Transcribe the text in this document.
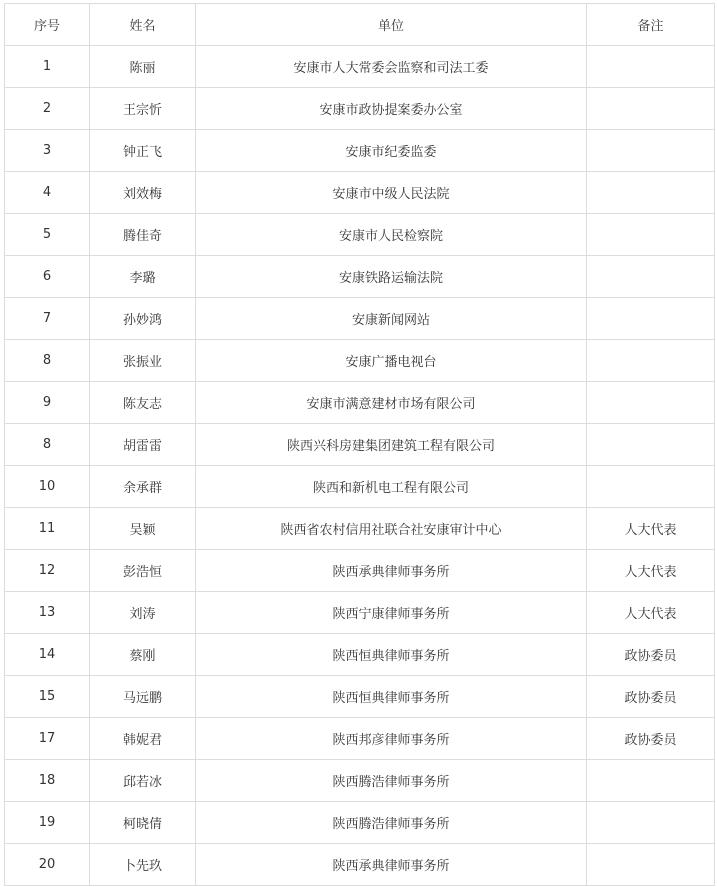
序号	姓名	单位	备注
1	陈丽	安康市人大常委会监察和司法工委	
2	王宗忻	安康市政协提案委办公室	
3	钟正飞	安康市纪委监委	
4	刘效梅	安康市中级人民法院	
5	腾佳奇	安康市人民检察院	
6	李璐	安康铁路运输法院	
7	孙妙鸿	安康新闻网站	
8	张振业	安康广播电视台	
9	陈友志	安康市满意建材市场有限公司	
8	胡雷雷	陕西兴科房建集团建筑工程有限公司	
10	余承群	陕西和新机电工程有限公司	
11	吴颖	陕西省农村信用社联合社安康审计中心	人大代表
12	彭浩恒	陕西承典律师事务所	人大代表
13	刘涛	陕西宁康律师事务所	人大代表
14	蔡刚	陕西恒典律师事务所	政协委员
15	马远鹏	陕西恒典律师事务所	政协委员
17	韩妮君	陕西邦彦律师事务所	政协委员
18	邱若冰	陕西腾浩律师事务所	
19	柯晓倩	陕西腾浩律师事务所	
20	卜先玖	陕西承典律师事务所	
